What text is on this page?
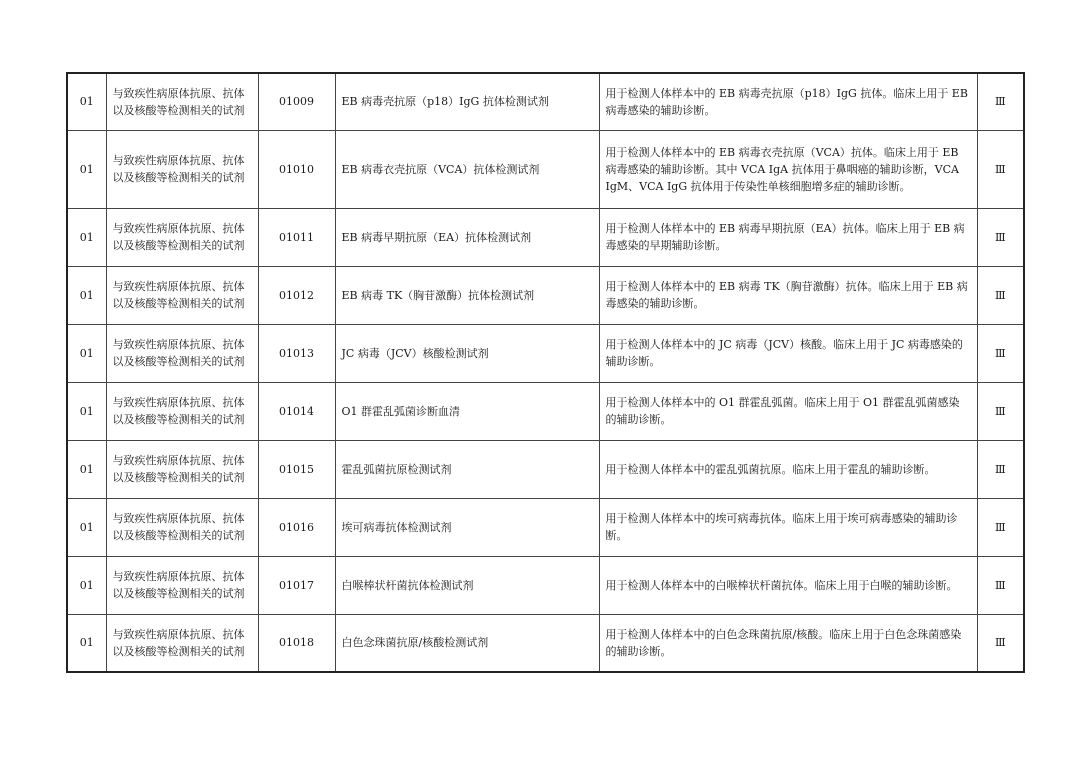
01	与致疾性病原体抗原、抗体以及核酸等检测相关的试剂	01009	EB 病毒壳抗原（p18）IgG 抗体检测试剂	用于检测人体样本中的 EB 病毒壳抗原（p18）IgG 抗体。临床上用于 EB 病毒感染的辅助诊断。	Ⅲ
01	与致疾性病原体抗原、抗体以及核酸等检测相关的试剂	01010	EB 病毒衣壳抗原（VCA）抗体检测试剂	用于检测人体样本中的 EB 病毒衣壳抗原（VCA）抗体。临床上用于 EB 病毒感染的辅助诊断。其中 VCA IgA 抗体用于鼻咽癌的辅助诊断，VCA IgM、VCA IgG 抗体用于传染性单核细胞增多症的辅助诊断。	Ⅲ
01	与致疾性病原体抗原、抗体以及核酸等检测相关的试剂	01011	EB 病毒早期抗原（EA）抗体检测试剂	用于检测人体样本中的 EB 病毒早期抗原（EA）抗体。临床上用于 EB 病毒感染的早期辅助诊断。	Ⅲ
01	与致疾性病原体抗原、抗体以及核酸等检测相关的试剂	01012	EB 病毒 TK（胸苷激酶）抗体检测试剂	用于检测人体样本中的 EB 病毒 TK（胸苷激酶）抗体。临床上用于 EB 病毒感染的辅助诊断。	Ⅲ
01	与致疾性病原体抗原、抗体以及核酸等检测相关的试剂	01013	JC 病毒（JCV）核酸检测试剂	用于检测人体样本中的 JC 病毒（JCV）核酸。临床上用于 JC 病毒感染的辅助诊断。	Ⅲ
01	与致疾性病原体抗原、抗体以及核酸等检测相关的试剂	01014	O1 群霍乱弧菌诊断血清	用于检测人体样本中的 O1 群霍乱弧菌。临床上用于 O1 群霍乱弧菌感染的辅助诊断。	Ⅲ
01	与致疾性病原体抗原、抗体以及核酸等检测相关的试剂	01015	霍乱弧菌抗原检测试剂	用于检测人体样本中的霍乱弧菌抗原。临床上用于霍乱的辅助诊断。	Ⅲ
01	与致疾性病原体抗原、抗体以及核酸等检测相关的试剂	01016	埃可病毒抗体检测试剂	用于检测人体样本中的埃可病毒抗体。临床上用于埃可病毒感染的辅助诊断。	Ⅲ
01	与致疾性病原体抗原、抗体以及核酸等检测相关的试剂	01017	白喉棒状杆菌抗体检测试剂	用于检测人体样本中的白喉棒状杆菌抗体。临床上用于白喉的辅助诊断。	Ⅲ
01	与致疾性病原体抗原、抗体以及核酸等检测相关的试剂	01018	白色念珠菌抗原/核酸检测试剂	用于检测人体样本中的白色念珠菌抗原/核酸。临床上用于白色念珠菌感染的辅助诊断。	Ⅲ
